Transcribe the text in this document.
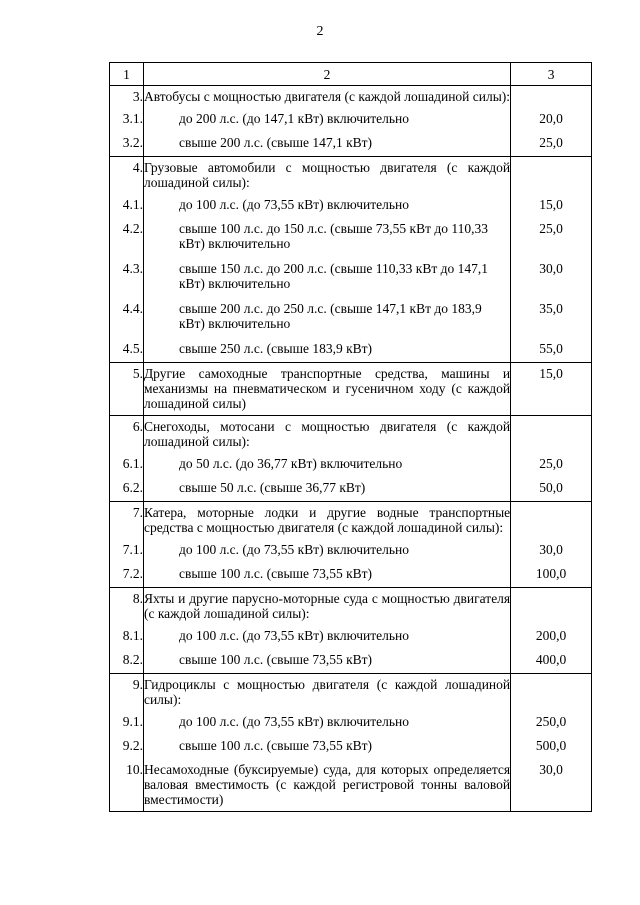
2
1	2	3
3.	Автобусы с мощностью двигателя (с каждой лошадиной силы):	

3.1.	до 200 л.с. (до 147,1 кВт) включительно	20,0
3.2.	свыше 200 л.с. (свыше 147,1 кВт)	25,0
4.	Грузовые автомобили с мощностью двигателя (с каждой лошадиной силы):	

4.1.	до 100 л.с. (до 73,55 кВт) включительно	15,0
4.2.	свыше 100 л.с. до 150 л.с. (свыше 73,55 кВт до 110,33 кВт) включительно	25,0
4.3.	свыше 150 л.с. до 200 л.с. (свыше 110,33 кВт до 147,1 кВт) включительно	30,0
4.4.	свыше 200 л.с. до 250 л.с. (свыше 147,1 кВт до 183,9 кВт) включительно	35,0
4.5.	свыше 250 л.с. (свыше 183,9 кВт)	55,0
5.	Другие самоходные транспортные средства, машины и механизмы на пневматическом и гусеничном ходу (с каждой лошадиной силы)	15,0
6.	Снегоходы, мотосани с мощностью двигателя (с каждой лошадиной силы):	

6.1.	до 50 л.с. (до 36,77 кВт) включительно	25,0
6.2.	свыше 50 л.с. (свыше 36,77 кВт)	50,0
7.	Катера, моторные лодки и другие водные транспортные средства с мощностью двигателя (с каждой лошадиной силы):	

7.1.	до 100 л.с. (до 73,55 кВт) включительно	30,0
7.2.	свыше 100 л.с. (свыше 73,55 кВт)	100,0
8.	Яхты и другие парусно-моторные суда с мощностью двигателя (с каждой лошадиной силы):	

8.1.	до 100 л.с. (до 73,55 кВт) включительно	200,0
8.2.	свыше 100 л.с. (свыше 73,55 кВт)	400,0
9.	Гидроциклы с мощностью двигателя (с каждой лошадиной силы):	

9.1.	до 100 л.с. (до 73,55 кВт) включительно	250,0
9.2.	свыше 100 л.с. (свыше 73,55 кВт)	500,0
10.	Несамоходные (буксируемые) суда, для которых определяется валовая вместимость (с каждой регистровой тонны валовой вместимости)	30,0
